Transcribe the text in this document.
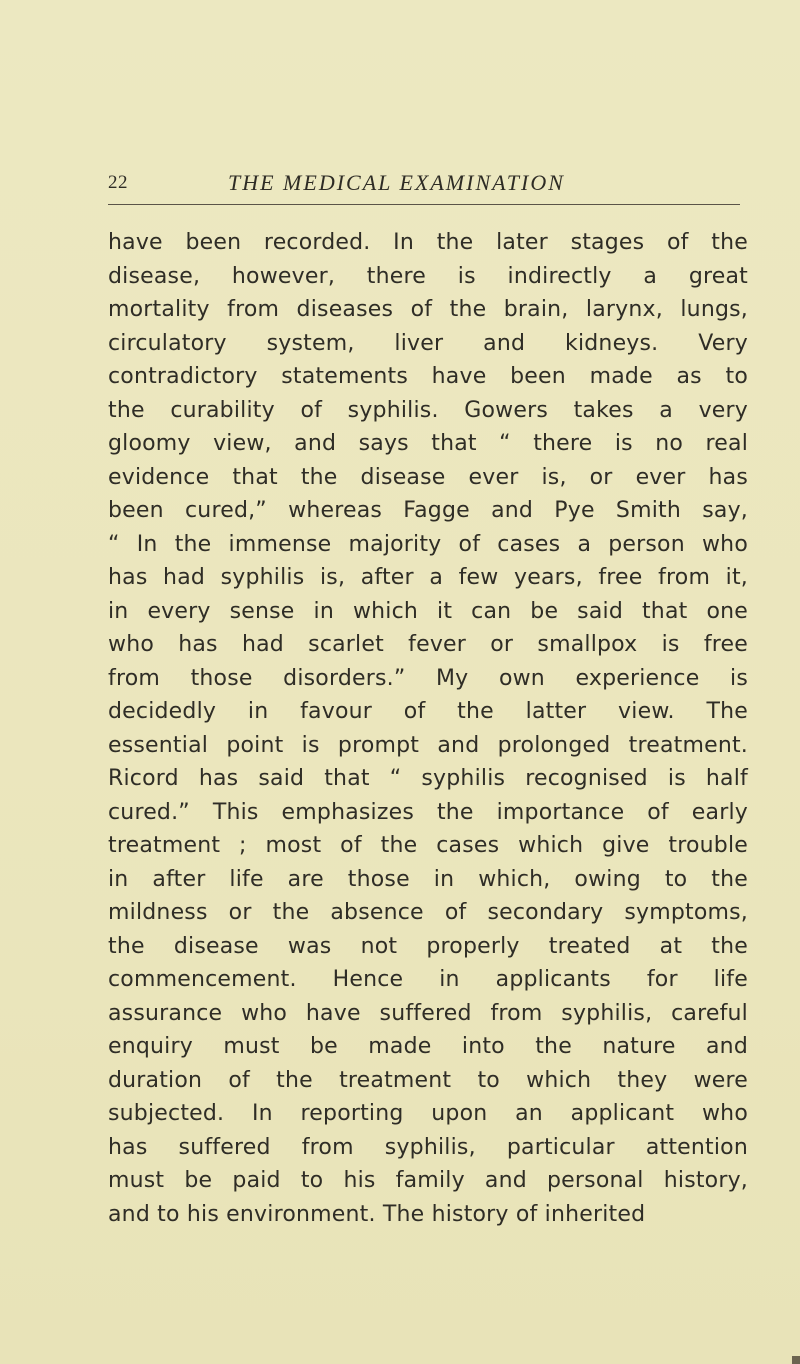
22	THE MEDICAL EXAMINATION
have been recorded. In the later stages of the
disease, however, there is indirectly a great
mortality from diseases of the brain, larynx, lungs,
circulatory system, liver and kidneys. Very
contradictory statements have been made as to
the curability of syphilis. Gowers takes a very
gloomy view, and says that “ there is no real
evidence that the disease ever is, or ever has
been cured,” whereas Fagge and Pye Smith say,
“ In the immense majority of cases a person who
has had syphilis is, after a few years, free from it,
in every sense in which it can be said that one
who has had scarlet fever or smallpox is free
from those disorders.” My own experience is
decidedly in favour of the latter view. The
essential point is prompt and prolonged treatment.
Ricord has said that “ syphilis recognised is half
cured.” This emphasizes the importance of early
treatment ; most of the cases which give trouble
in after life are those in which, owing to the
mildness or the absence of secondary symptoms,
the disease was not properly treated at the
commencement. Hence in applicants for life
assurance who have suffered from syphilis, careful
enquiry must be made into the nature and
duration of the treatment to which they were
subjected. In reporting upon an applicant who
has suffered from syphilis, particular attention
must be paid to his family and personal history,
and to his environment. The history of inherited
